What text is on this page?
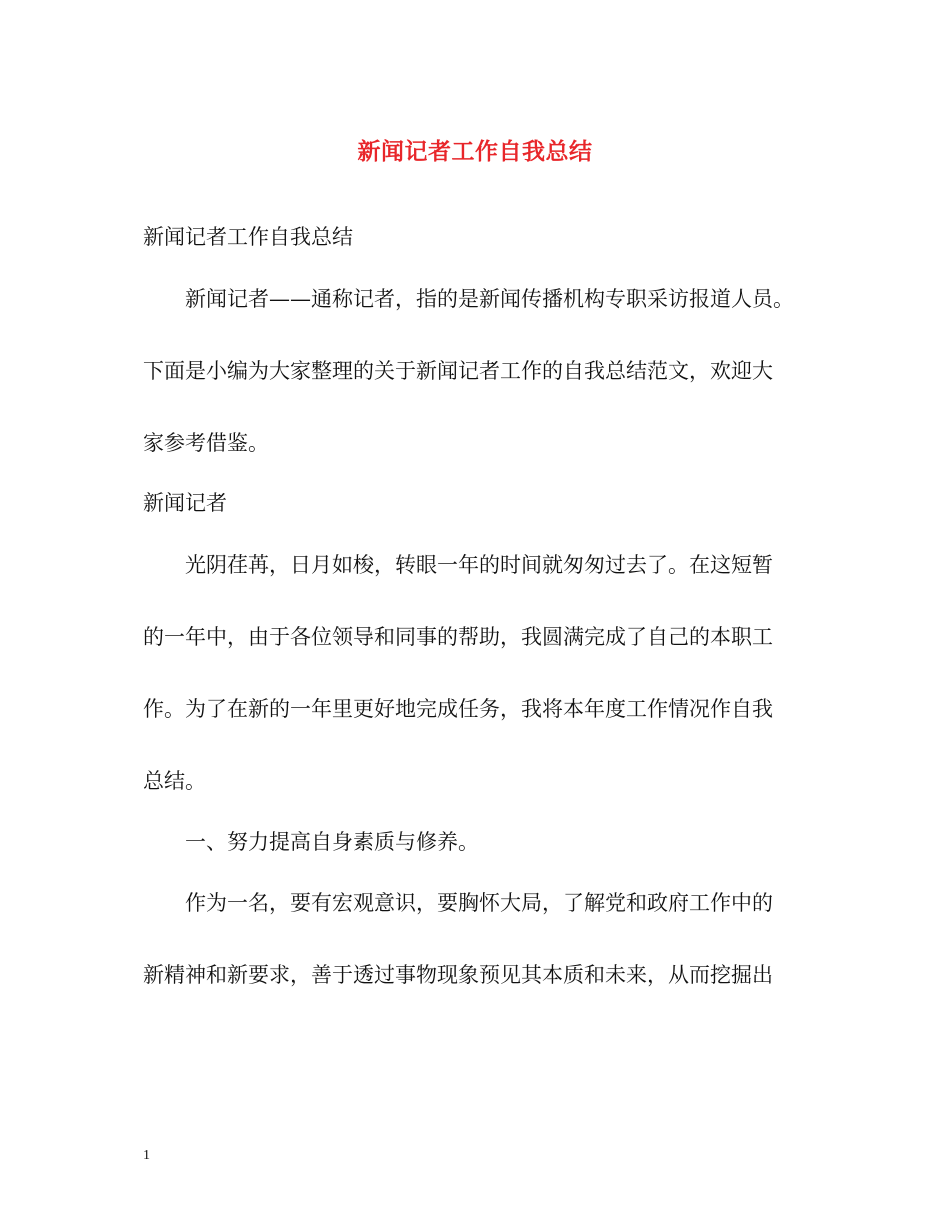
新闻记者工作自我总结
新闻记者工作自我总结
新闻记者——通称记者，指的是新闻传播机构专职采访报道人员。
下面是小编为大家整理的关于新闻记者工作的自我总结范文，欢迎大
家参考借鉴。
新闻记者
光阴荏苒，日月如梭，转眼一年的时间就匆匆过去了。在这短暂
的一年中，由于各位领导和同事的帮助，我圆满完成了自己的本职工
作。为了在新的一年里更好地完成任务，我将本年度工作情况作自我
总结。
一、努力提高自身素质与修养。
作为一名，要有宏观意识，要胸怀大局，了解党和政府工作中的
新精神和新要求，善于透过事物现象预见其本质和未来，从而挖掘出
1
